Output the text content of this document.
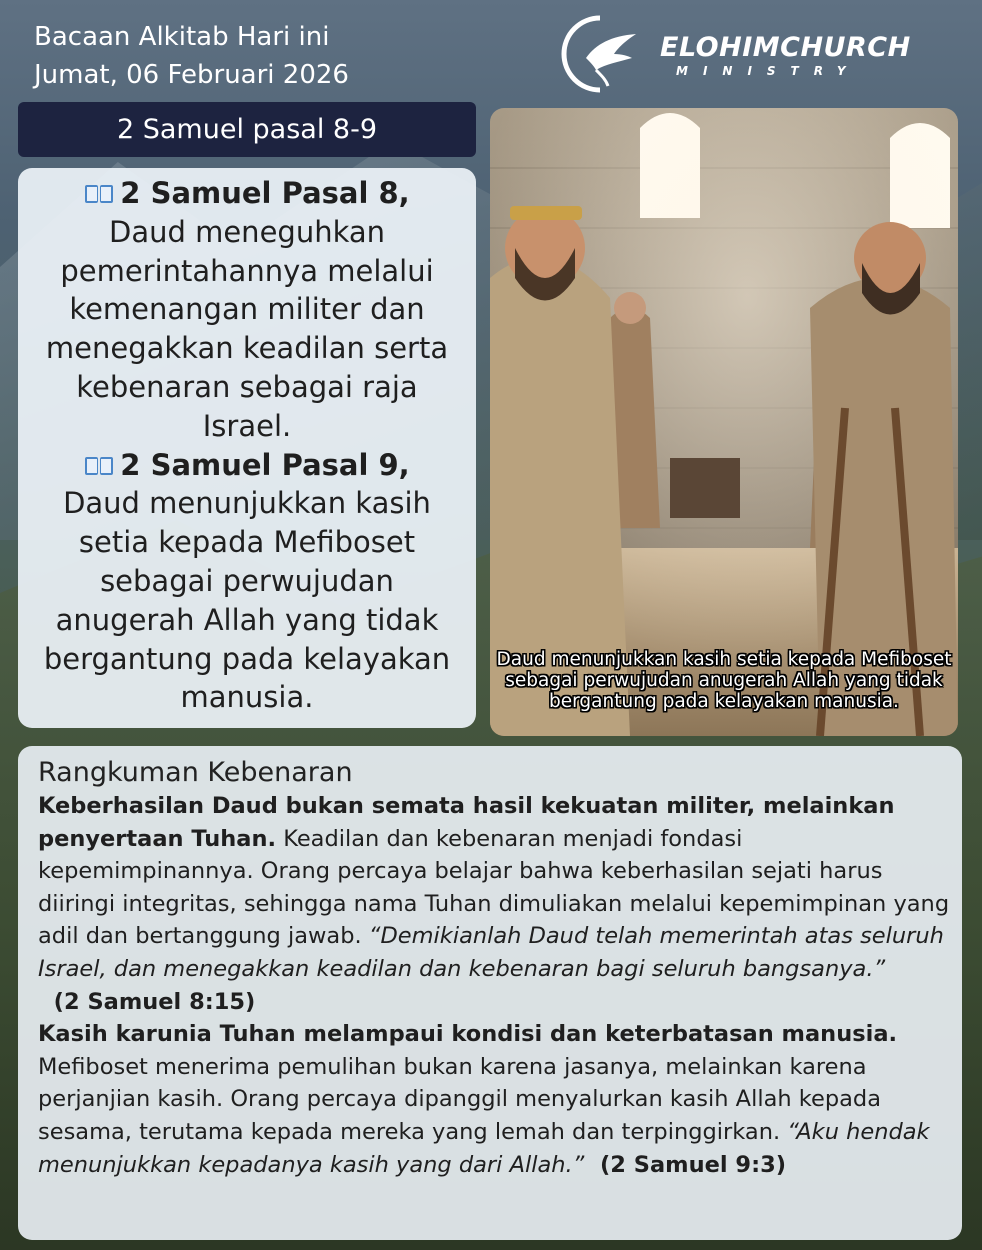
Bacaan Alkitab Hari ini
Jumat, 06 Februari 2026
ELOHIMCHURCH
MINISTRY
2 Samuel pasal 8-9
2 Samuel Pasal 8,
Daud meneguhkan pemerintahannya melalui kemenangan militer dan menegakkan keadilan serta kebenaran sebagai raja Israel.
2 Samuel Pasal 9,
Daud menunjukkan kasih setia kepada Mefiboset sebagai perwujudan anugerah Allah yang tidak bergantung pada kelayakan manusia.
Daud menunjukkan kasih setia kepada Mefiboset sebagai perwujudan anugerah Allah yang tidak bergantung pada kelayakan manusia.
Rangkuman Kebenaran
Keberhasilan Daud bukan semata hasil kekuatan militer, melainkan penyertaan Tuhan. Keadilan dan kebenaran menjadi fondasi kepemimpinannya. Orang percaya belajar bahwa keberhasilan sejati harus diiringi integritas, sehingga nama Tuhan dimuliakan melalui kepemimpinan yang adil dan bertanggung jawab. “Demikianlah Daud telah memerintah atas seluruh Israel, dan menegakkan keadilan dan kebenaran bagi seluruh bangsanya.”  (2 Samuel 8:15)
Kasih karunia Tuhan melampaui kondisi dan keterbatasan manusia. Mefiboset menerima pemulihan bukan karena jasanya, melainkan karena perjanjian kasih. Orang percaya dipanggil menyalurkan kasih Allah kepada sesama, terutama kepada mereka yang lemah dan terpinggirkan. “Aku hendak menunjukkan kepadanya kasih yang dari Allah.”  (2 Samuel 9:3)
